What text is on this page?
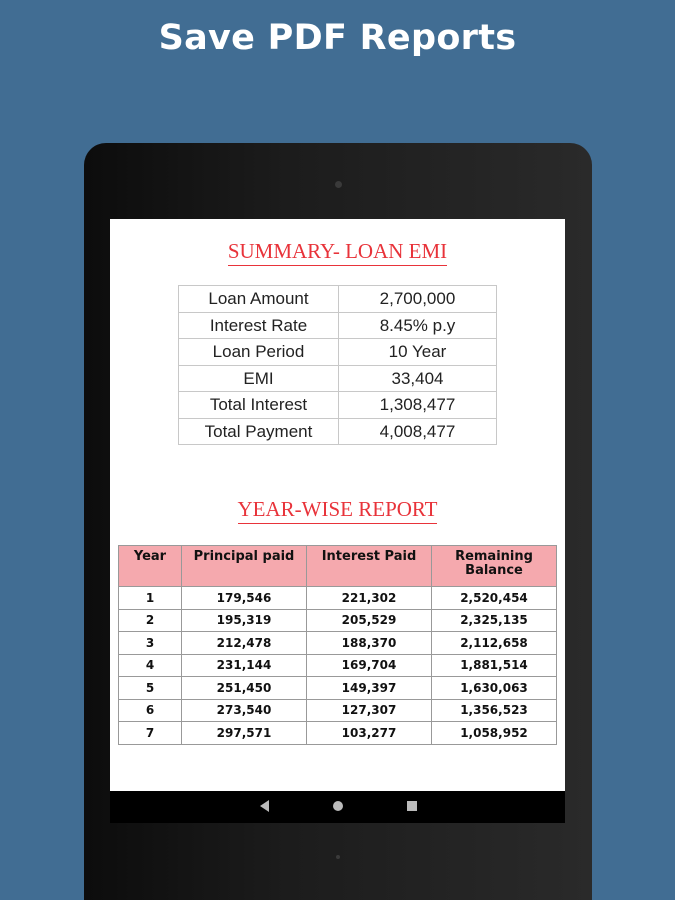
Save PDF Reports
SUMMARY- LOAN EMI
Loan Amount	2,700,000
Interest Rate	8.45% p.y
Loan Period	10 Year
EMI	33,404
Total Interest	1,308,477
Total Payment	4,008,477
YEAR-WISE REPORT
Year	Principal paid	Interest Paid	Remaining Balance
1	179,546	221,302	2,520,454
2	195,319	205,529	2,325,135
3	212,478	188,370	2,112,658
4	231,144	169,704	1,881,514
5	251,450	149,397	1,630,063
6	273,540	127,307	1,356,523
7	297,571	103,277	1,058,952
